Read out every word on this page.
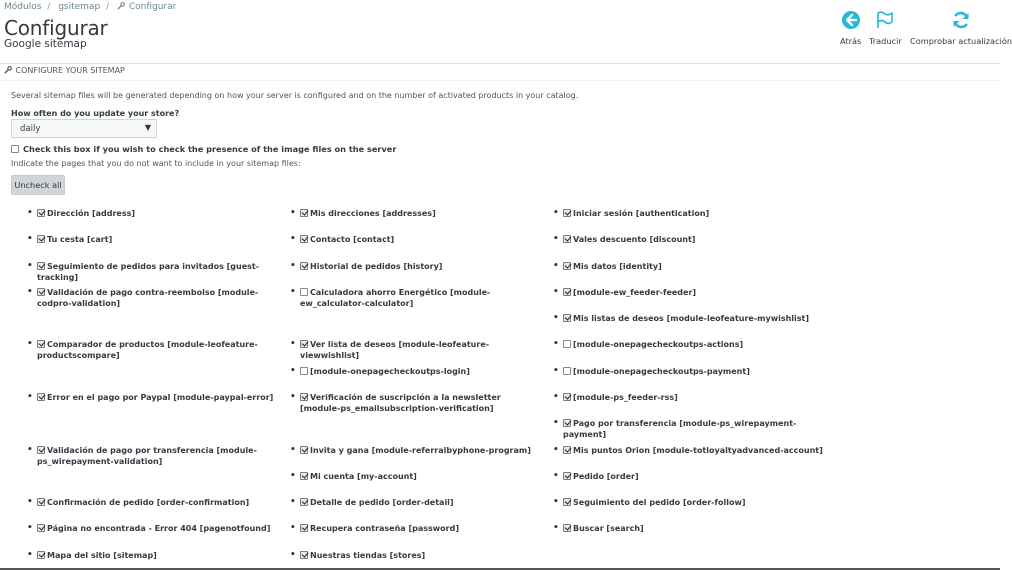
Módulos / gsitemap / Configurar
Configurar
Google sitemap	Atrás Traducir Comprobar actualización
CONFIGURE YOUR SITEMAP
Several sitemap files will be generated depending on how your server is configured and on the number of activated products in your catalog.
How often do you update your store?
daily	▼
Check this box if you wish to check the presence of the image files on the server
Indicate the pages that you do not want to include in your sitemap files:
Uncheck all
•	Dirección [address]	•	Mis direcciones [addresses]	•	Iniciar sesión [authentication]
•	Tu cesta [cart]	•	Contacto [contact]	•	Vales descuento [discount]
•	Seguimiento de pedidos para invitados [guest-tracking]
•	Historial de pedidos [history]	•	Mis datos [identity]
•	Validación de pago contra-reembolso [module-codpro-validation]
•	Calculadora ahorro Energético [module-ew_calculator-calculator]
•	[module-ew_feeder-feeder]
•	Mis listas de deseos [module-leofeature-mywishlist]
•	Comparador de productos [module-leofeature-productscompare]
•	Ver lista de deseos [module-leofeature-viewwishlist]
•	[module-onepagecheckoutps-actions]
•	[module-onepagecheckoutps-login]	•	[module-onepagecheckoutps-payment]
•	Error en el pago por Paypal [module-paypal-error]	•	Verificación de suscripción a la newsletter [module-ps_emailsubscription-verification]
•	[module-ps_feeder-rss]
•	Pago por transferencia [module-ps_wirepayment-payment]
•	Validación de pago por transferencia [module-ps_wirepayment-validation]
•	Invita y gana [module-referralbyphone-program]	•	Mis puntos Orion [module-totloyaltyadvanced-account]
•	Mi cuenta [my-account]	•	Pedido [order]
•	Confirmación de pedido [order-confirmation]	•	Detalle de pedido [order-detail]	•	Seguimiento del pedido [order-follow]
•	Página no encontrada - Error 404 [pagenotfound]	•	Recupera contraseña [password]	•	Buscar [search]
•	Mapa del sitio [sitemap]	•	Nuestras tiendas [stores]
